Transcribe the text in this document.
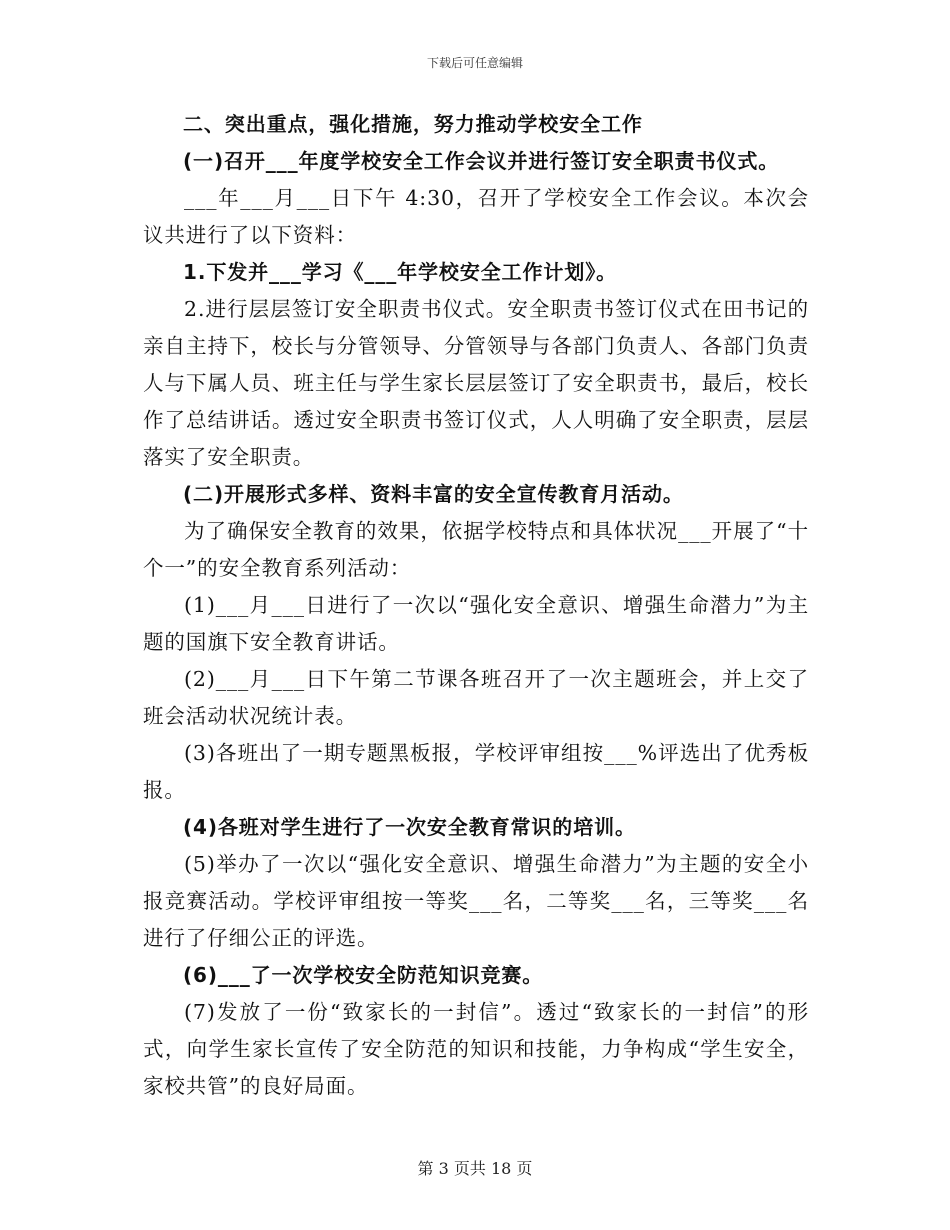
下载后可任意编辑

二、突出重点，强化措施，努力推动学校安全工作

(一)召开___年度学校安全工作会议并进行签订安全职责书仪式。

___年___月___日下午 4:30，召开了学校安全工作会议。本次会议共进行了以下资料：

1.下发并___学习《___年学校安全工作计划》。

2.进行层层签订安全职责书仪式。安全职责书签订仪式在田书记的亲自主持下，校长与分管领导、分管领导与各部门负责人、各部门负责人与下属人员、班主任与学生家长层层签订了安全职责书，最后，校长作了总结讲话。透过安全职责书签订仪式，人人明确了安全职责，层层落实了安全职责。

(二)开展形式多样、资料丰富的安全宣传教育月活动。

为了确保安全教育的效果，依据学校特点和具体状况___开展了“十个一”的安全教育系列活动：

(1)___月___日进行了一次以“强化安全意识、增强生命潜力”为主题的国旗下安全教育讲话。

(2)___月___日下午第二节课各班召开了一次主题班会，并上交了班会活动状况统计表。

(3)各班出了一期专题黑板报，学校评审组按___%评选出了优秀板报。

(4)各班对学生进行了一次安全教育常识的培训。

(5)举办了一次以“强化安全意识、增强生命潜力”为主题的安全小报竞赛活动。学校评审组按一等奖___名，二等奖___名，三等奖___名进行了仔细公正的评选。

(6)___了一次学校安全防范知识竞赛。

(7)发放了一份“致家长的一封信”。透过“致家长的一封信”的形式，向学生家长宣传了安全防范的知识和技能，力争构成“学生安全，家校共管”的良好局面。

第 3 页共 18 页
